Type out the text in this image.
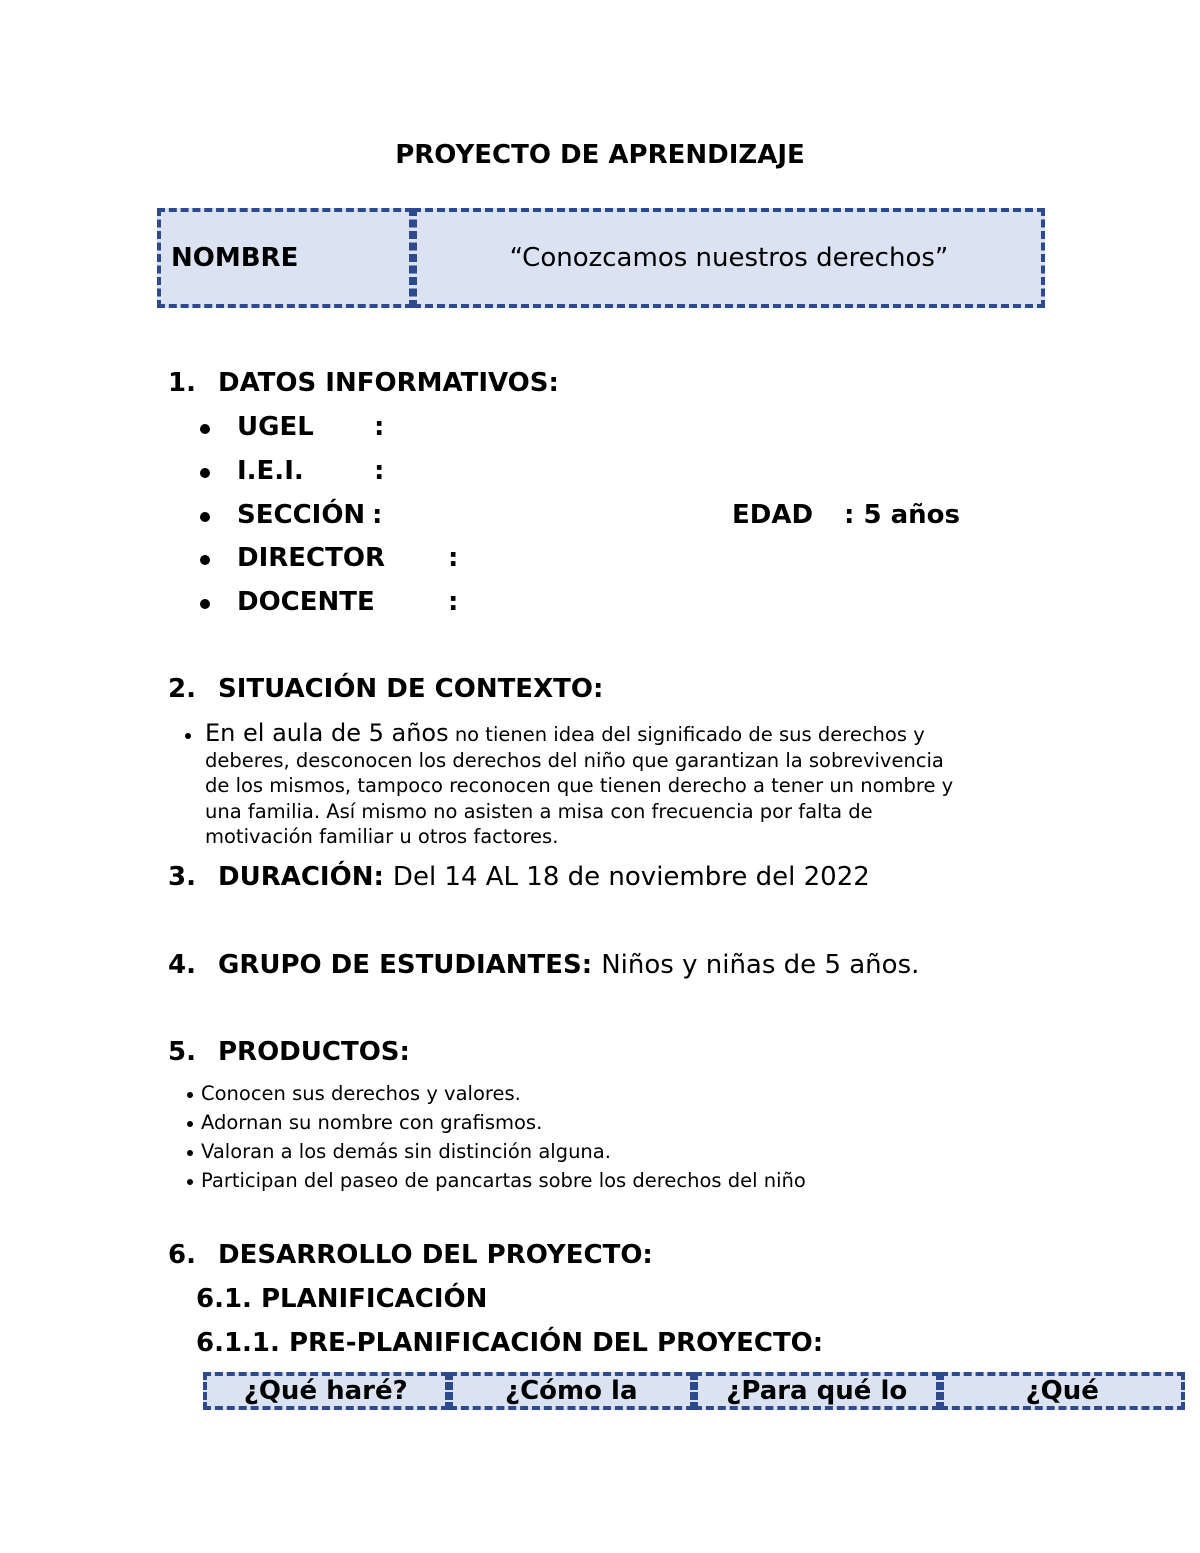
PROYECTO DE APRENDIZAJE
NOMBRE	“Conozcamos nuestros derechos”
1. DATOS INFORMATIVOS:
UGEL :
I.E.I.	:
SECCIÓN :	EDAD : 5 años
DIRECTOR :
DOCENTE	:
2. SITUACIÓN DE CONTEXTO:
En el aula de 5 años no tienen idea del significado de sus derechos y
deberes, desconocen los derechos del niño que garantizan la sobrevivencia
de los mismos, tampoco reconocen que tienen derecho a tener un nombre y
una familia. Así mismo no asisten a misa con frecuencia por falta de
motivación familiar u otros factores.
3. DURACIÓN: Del 14 AL 18 de noviembre del 2022
4. GRUPO DE ESTUDIANTES: Niños y niñas de 5 años.
5. PRODUCTOS:
Conocen sus derechos y valores.
Adornan su nombre con grafismos.
Valoran a los demás sin distinción alguna.
Participan del paseo de pancartas sobre los derechos del niño
6. DESARROLLO DEL PROYECTO:
6.1. PLANIFICACIÓN
6.1.1. PRE-PLANIFICACIÓN DEL PROYECTO:
¿Qué haré?	¿Cómo la	¿Para qué lo	¿Qué
